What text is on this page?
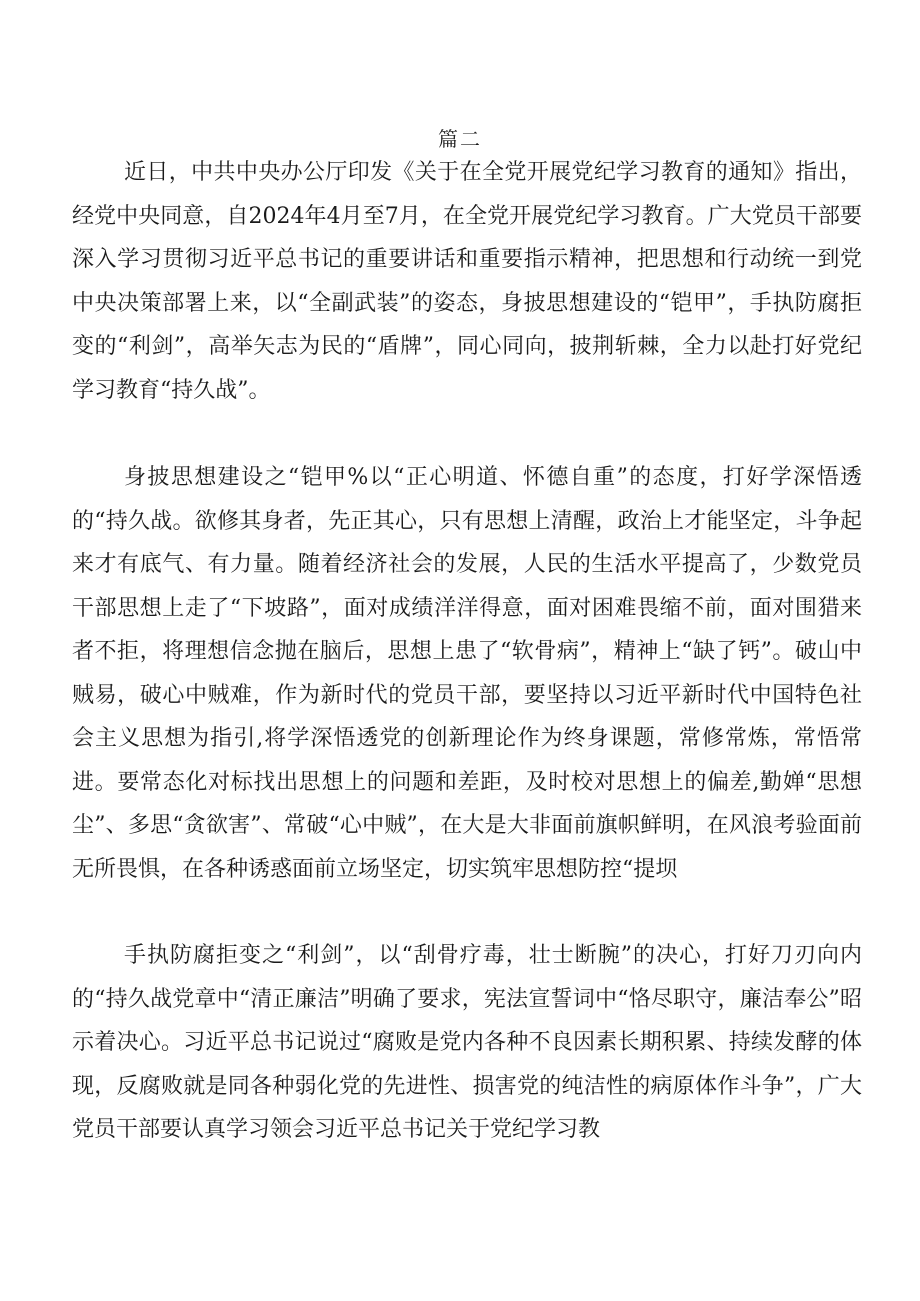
篇二

近日，中共中央办公厅印发《关于在全党开展党纪学习教育的通知》指出，经党中央同意，自2024年4月至7月，在全党开展党纪学习教育。广大党员干部要深入学习贯彻习近平总书记的重要讲话和重要指示精神，把思想和行动统一到党中央决策部署上来，以“全副武装”的姿态，身披思想建设的“铠甲”，手执防腐拒变的“利剑”，高举矢志为民的“盾牌”，同心同向，披荆斩棘，全力以赴打好党纪学习教育“持久战”。

身披思想建设之“铠甲%以“正心明道、怀德自重”的态度，打好学深悟透的“持久战。欲修其身者，先正其心，只有思想上清醒，政治上才能坚定，斗争起来才有底气、有力量。随着经济社会的发展，人民的生活水平提高了，少数党员干部思想上走了“下坡路”，面对成绩洋洋得意，面对困难畏缩不前，面对围猎来者不拒，将理想信念抛在脑后，思想上患了“软骨病”，精神上“缺了钙”。破山中贼易，破心中贼难，作为新时代的党员干部，要坚持以习近平新时代中国特色社会主义思想为指引,将学深悟透党的创新理论作为终身课题，常修常炼，常悟常进。要常态化对标找出思想上的问题和差距，及时校对思想上的偏差,勤婵“思想尘”、多思“贪欲害”、常破“心中贼”，在大是大非面前旗帜鲜明，在风浪考验面前无所畏惧，在各种诱惑面前立场坚定，切实筑牢思想防控“提坝

手执防腐拒变之“利剑”，以“刮骨疗毒，壮士断腕”的决心，打好刀刃向内的“持久战党章中“清正廉洁”明确了要求，宪法宣誓词中“恪尽职守，廉洁奉公”昭示着决心。习近平总书记说过“腐败是党内各种不良因素长期积累、持续发酵的体现，反腐败就是同各种弱化党的先进性、损害党的纯洁性的病原体作斗争”，广大党员干部要认真学习领会习近平总书记关于党纪学习教
